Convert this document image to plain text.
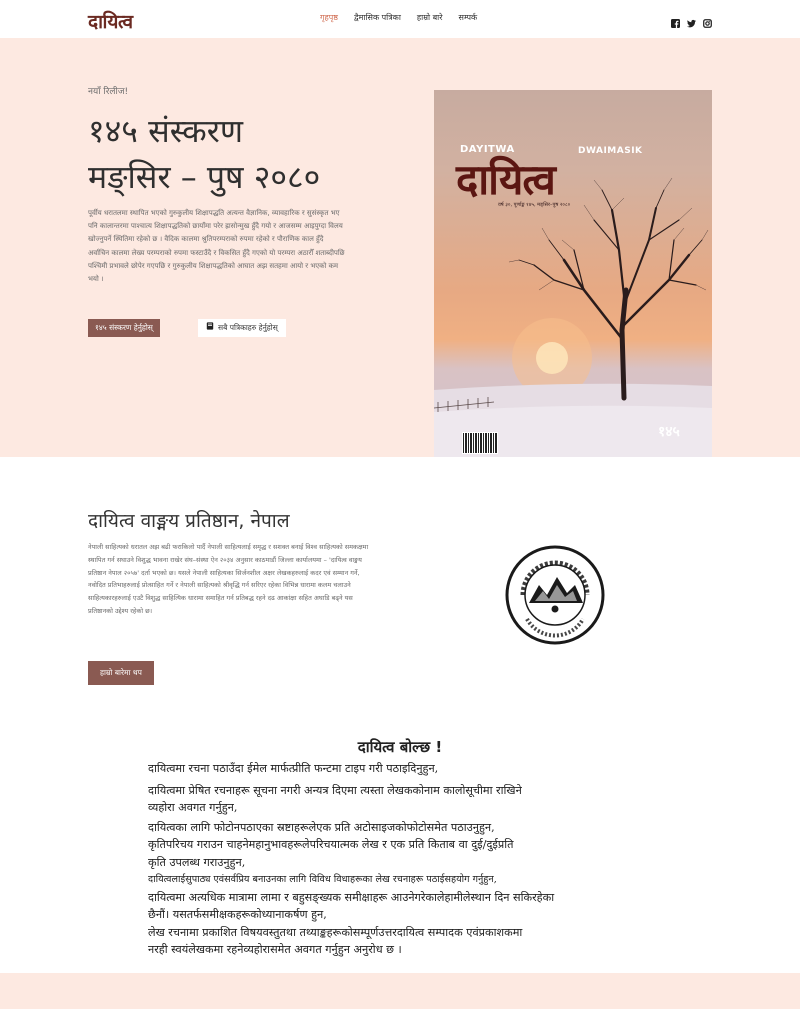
दायित्व	गृहपृष्ठ द्वैमासिक पत्रिका हाम्रो बारे सम्पर्क
नयाँ रिलीज!
१४५ संस्करण
मङ्सिर – पुष २०८०

पूर्वीय धरातलमा स्थापित भएको गुरुकुलीय शिक्षापद्धति अत्यन्त वैज्ञानिक, व्यावहारिक र सुसंस्कृत भए पनि कालान्तरमा पाश्चात्य शिक्षापद्धतिको छायाँमा परेर ह्रासोन्मुख हुँदै गयो र आजसम्म आइपुग्दा विलय खोज्नुपर्ने स्थितिमा रहेको छ । वैदिक कालमा श्रुतिपरम्पराको रुपमा रहेको र पौराणिक काल हुँदै अर्वाचिन कालमा लेख्य परम्पराको रुपमा फस्टाउँदै र विकसित हुँदै गएको यो परम्परा अठारौँ शताब्दीपछि पश्चिमी प्रभावले छोपेर गएपछि र गुरुकुलीय शिक्षापद्धतिको आघात अझ सतहमा आयो र भएको कम भयो ।

१४५ संस्करण हेर्नुहोस्	सबै पत्रिकाहरु हेर्नुहोस्
DAYITWA	DWAIMASIK
दायित्व
वर्ष ३०, पूर्णाङ्क १४५, मङ्सिर–पुष २०८०
१४५
दायित्व वाङ्मय प्रतिष्ठान, नेपाल

नेपाली साहित्यको धरातल अझ बढी फराकिलो पार्दै नेपाली साहित्यलाई समृद्ध र सशक्त बनाई विश्व साहित्यको समकक्षमा स्थापित गर्न सघाउने विशुद्ध भावना राखेर संघ–संस्था ऐन २०३४ अनुसार काठमाडौं जिल्ला कार्यालयमा – 'दायित्व वाङ्मय प्रतिष्ठान नेपाल २०५७' दर्ता भएको छ। यसले नेपाली साहित्यका सिर्जनशील अक्षर लेखकहरुलाई कदर एवं सम्मान गर्ने, नवोदित प्रतिभाहरुलाई प्रोत्साहित गर्ने र नेपाली साहित्यको श्रीवृद्धि गर्न सरिएर रहेका विभिन्न धारामा कलम चलाउने साहित्यकारहरुलाई एउटै विशुद्ध साहित्यिक धारामा समाहित गर्न प्रतिबद्ध रहने दढ आकांक्षा सहित अघाडि बढ्ने यस प्रतिष्ठानको उद्देश्य रहेको छ।

हाम्रो बारेमा थप
दायित्व बोल्छ !
दायित्वमा रचना पठाउँदा ईमेल मार्फत्प्रीति फन्टमा टाइप गरी पठाइदिनुहुन,
दायित्वमा प्रेषित रचनाहरू सूचना नगरी अन्यत्र दिएमा त्यस्ता लेखककोनाम कालोसूचीमा राखिने
व्यहोरा अवगत गर्नुहुन,
दायित्वका लागि फोटोनपठाएका स्रष्टाहरूलेएक प्रति अटोसाइजकोफोटोसमेत पठाउनुहुन,
कृतिपरिचय गराउन चाहनेमहानुभावहरूलेपरिचयात्मक लेख र एक प्रति किताब वा दुई/दुईप्रति
कृति उपलब्ध गराउनुहुन,
दायित्वलाईसुपाठ्य एवंसर्वप्रिय बनाउनका लागि विविध विधाहरूका लेख रचनाहरू पठाईसहयोग गर्नुहुन,
दायित्वमा अत्यधिक मात्रामा लामा र बहुसङ्ख्यक समीक्षाहरू आउनेगरेकालेहामीलेस्थान दिन सकिरहेका
छैनौं। यसतर्फसमीक्षकहरूकोध्यानाकर्षण हुन,
लेख रचनामा प्रकाशित विषयवस्तुतथा तथ्याङ्कहरूकोसम्पूर्णउत्तरदायित्व सम्पादक एवंप्रकाशकमा
नरही स्वयंलेखकमा रहनेव्यहोरासमेत अवगत गर्नुहुन अनुरोध छ ।
